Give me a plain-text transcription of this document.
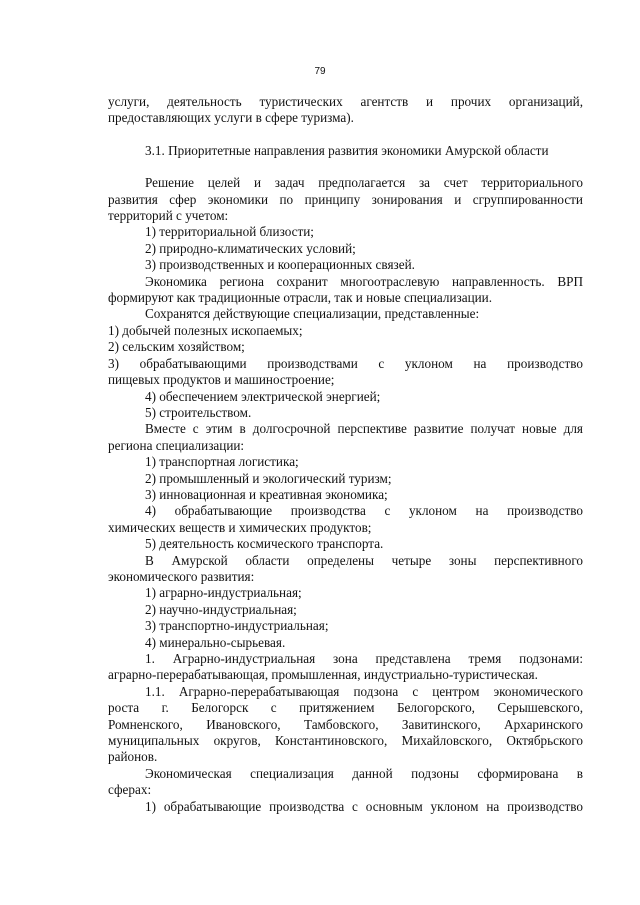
79

услуги, деятельность туристических агентств и прочих организаций,

предоставляющих услуги в сфере туризма).

3.1. Приоритетные направления развития экономики Амурской области

Решение целей и задач предполагается за счет территориального

развития сфер экономики по принципу зонирования и сгруппированности

территорий с учетом:

1) территориальной близости;

2) природно-климатических условий;

3) производственных и кооперационных связей.

Экономика региона сохранит многоотраслевую направленность. ВРП

формируют как традиционные отрасли, так и новые специализации.

Сохранятся действующие специализации, представленные:

1) добычей полезных ископаемых;

2) сельским хозяйством;

3) обрабатывающими производствами с уклоном на производство

пищевых продуктов и машиностроение;

4) обеспечением электрической энергией;

5) строительством.

Вместе с этим в долгосрочной перспективе развитие получат новые для

региона специализации:

1) транспортная логистика;

2) промышленный и экологический туризм;

3) инновационная и креативная экономика;

4) обрабатывающие производства с уклоном на производство

химических веществ и химических продуктов;

5) деятельность космического транспорта.

В Амурской области определены четыре зоны перспективного

экономического развития:

1) аграрно-индустриальная;

2) научно-индустриальная;

3) транспортно-индустриальная;

4) минерально-сырьевая.

1. Аграрно-индустриальная зона представлена тремя подзонами:

аграрно-перерабатывающая, промышленная, индустриально-туристическая.

1.1. Аграрно-перерабатывающая подзона с центром экономического

роста г. Белогорск с притяжением Белогорского, Серышевского,

Ромненского, Ивановского, Тамбовского, Завитинского, Архаринского

муниципальных округов, Константиновского, Михайловского, Октябрьского

районов.

Экономическая специализация данной подзоны сформирована в

сферах:

1) обрабатывающие производства с основным уклоном на производство
